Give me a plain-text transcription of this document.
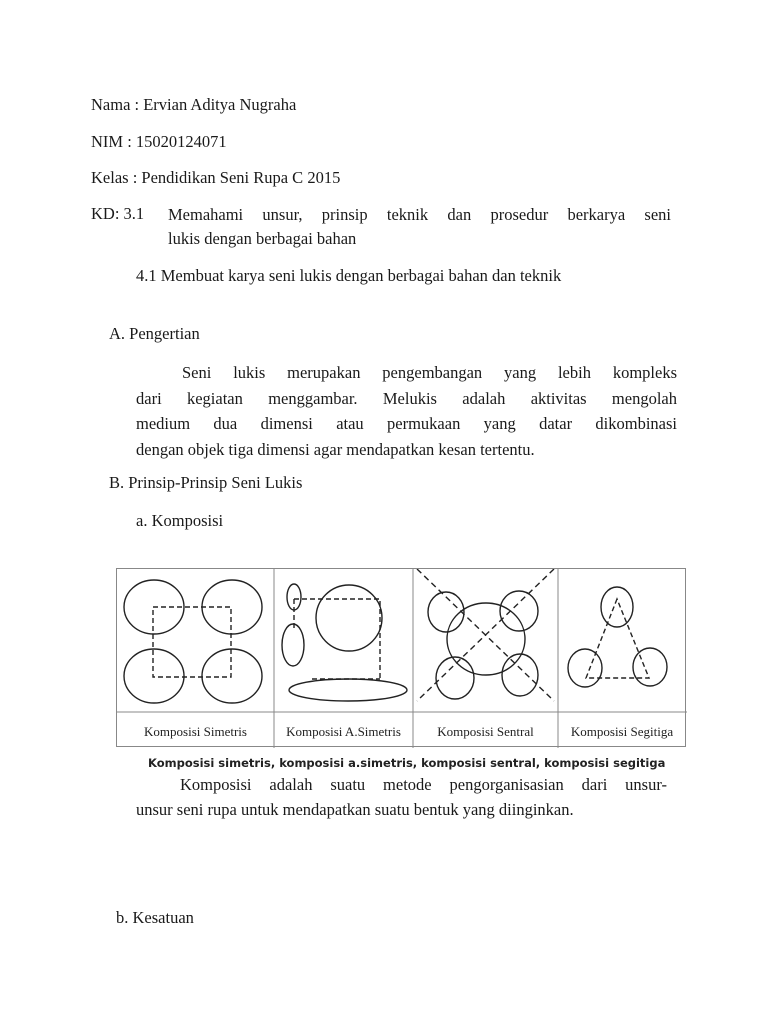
Nama : Ervian Aditya Nugraha
NIM : 15020124071
Kelas : Pendidikan Seni Rupa C 2015
KD: 3.1 Memahami unsur, prinsip teknik dan prosedur berkarya seni
lukis dengan berbagai bahan
4.1 Membuat karya seni lukis dengan berbagai bahan dan teknik
A. Pengertian
Seni lukis merupakan pengembangan yang lebih kompleks
dari kegiatan menggambar. Melukis adalah aktivitas mengolah
medium dua dimensi atau permukaan yang datar dikombinasi
dengan objek tiga dimensi agar mendapatkan kesan tertentu.
B. Prinsip-Prinsip Seni Lukis
a. Komposisi
Komposisi Simetris	Komposisi A.Simetris	Komposisi Sentral	Komposisi Segitiga
Komposisi simetris, komposisi a.simetris, komposisi sentral, komposisi segitiga
Komposisi adalah suatu metode pengorganisasian dari unsur-
unsur seni rupa untuk mendapatkan suatu bentuk yang diinginkan.
b. Kesatuan
